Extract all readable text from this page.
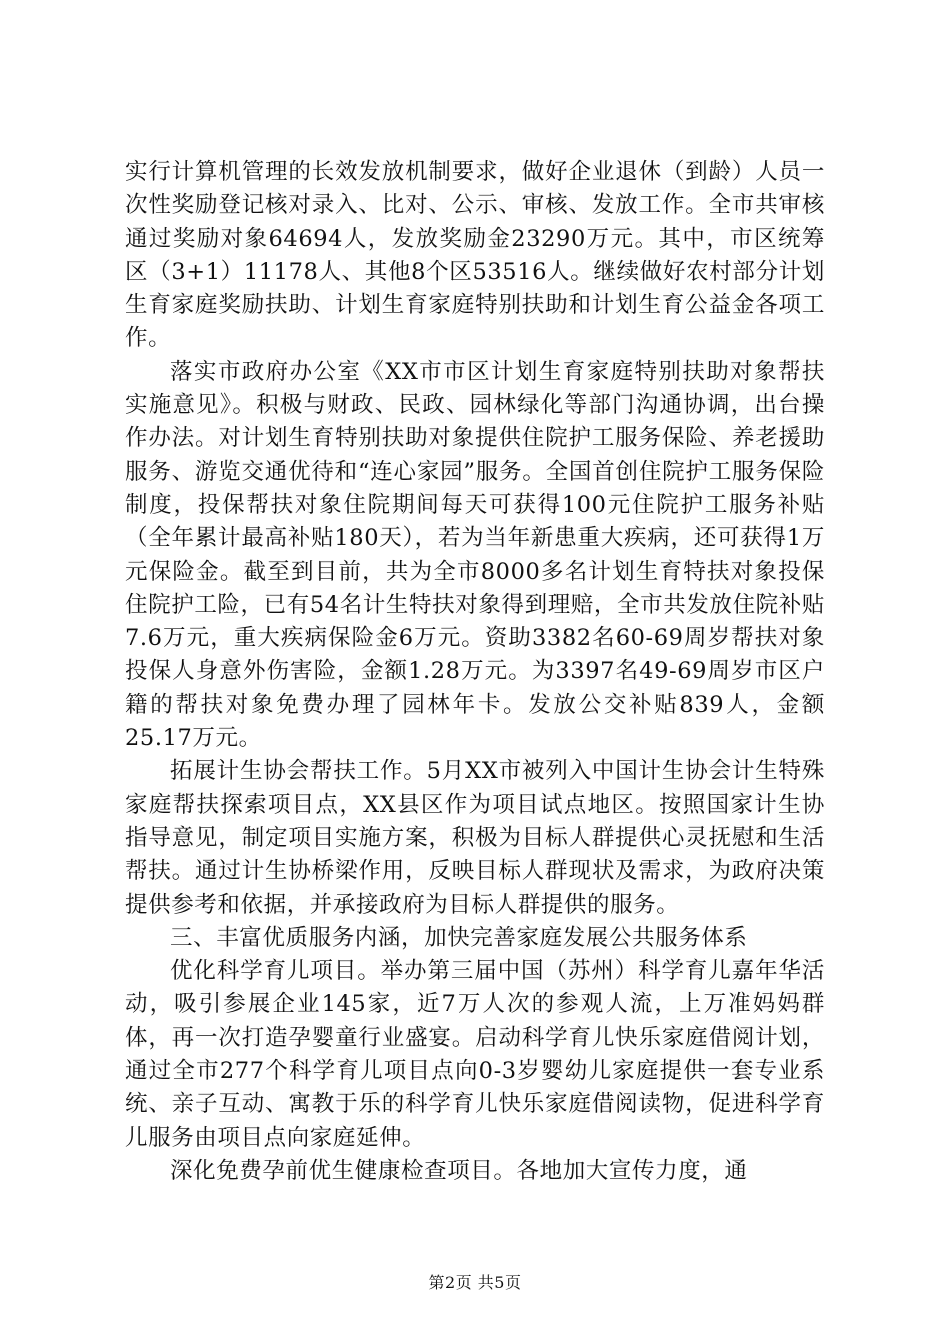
实行计算机管理的长效发放机制要求，做好企业退休（到龄）人员一次性奖励登记核对录入、比对、公示、审核、发放工作。全市共审核通过奖励对象64694人，发放奖励金23290万元。其中，市区统筹区（3+1）11178人、其他8个区53516人。继续做好农村部分计划生育家庭奖励扶助、计划生育家庭特别扶助和计划生育公益金各项工作。

落实市政府办公室《XX市市区计划生育家庭特别扶助对象帮扶实施意见》。积极与财政、民政、园林绿化等部门沟通协调，出台操作办法。对计划生育特别扶助对象提供住院护工服务保险、养老援助服务、游览交通优待和“连心家园”服务。全国首创住院护工服务保险制度，投保帮扶对象住院期间每天可获得100元住院护工服务补贴（全年累计最高补贴180天），若为当年新患重大疾病，还可获得1万元保险金。截至到目前，共为全市8000多名计划生育特扶对象投保住院护工险，已有54名计生特扶对象得到理赔，全市共发放住院补贴7.6万元，重大疾病保险金6万元。资助3382名60-69周岁帮扶对象投保人身意外伤害险，金额1.28万元。为3397名49-69周岁市区户籍的帮扶对象免费办理了园林年卡。发放公交补贴839人，金额25.17万元。

拓展计生协会帮扶工作。5月XX市被列入中国计生协会计生特殊家庭帮扶探索项目点，XX县区作为项目试点地区。按照国家计生协指导意见，制定项目实施方案，积极为目标人群提供心灵抚慰和生活帮扶。通过计生协桥梁作用，反映目标人群现状及需求，为政府决策提供参考和依据，并承接政府为目标人群提供的服务。

三、丰富优质服务内涵，加快完善家庭发展公共服务体系

优化科学育儿项目。举办第三届中国（苏州）科学育儿嘉年华活动，吸引参展企业145家，近7万人次的参观人流，上万准妈妈群体，再一次打造孕婴童行业盛宴。启动科学育儿快乐家庭借阅计划，通过全市277个科学育儿项目点向0-3岁婴幼儿家庭提供一套专业系统、亲子互动、寓教于乐的科学育儿快乐家庭借阅读物，促进科学育儿服务由项目点向家庭延伸。

深化免费孕前优生健康检查项目。各地加大宣传力度，通

第2页 共5页
